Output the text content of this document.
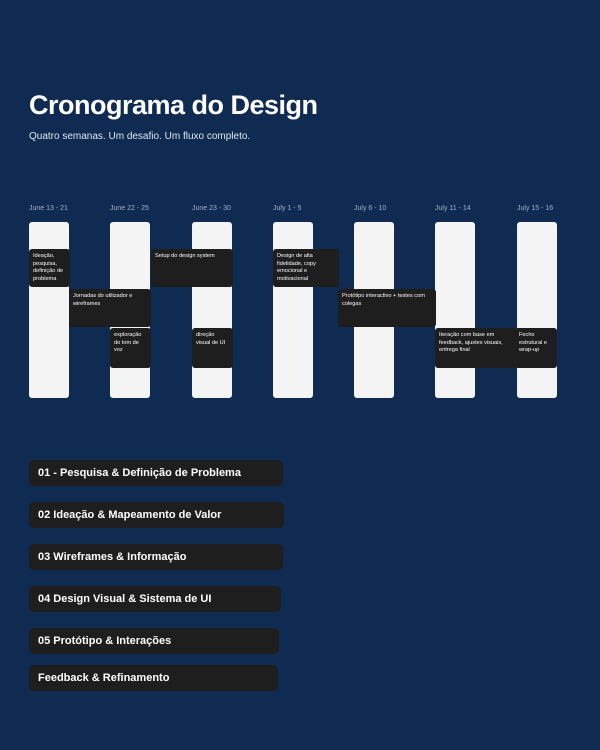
Cronograma do Design

Quatro semanas. Um desafio. Um fluxo completo.

June 13 - 21	June 22 - 25	June 23 - 30	July 1 - 5	July 6 - 10	July 11 - 14	July 15 - 16
Ideação, pesquisa, definição de problema
Jornadas do utilizador e wireframes
exploração do tom de voz
Setup do design system
direção visual de UI
Design de alta fidelidade, copy emocional e motivacional
Protótipo interactivo + testes com colegas
Iteração com base em feedback, ajustes visuais, entrega final
Fecho estrutural e wrap-up
01 - Pesquisa & Definição de Problema
02 Ideação & Mapeamento de Valor
03 Wireframes & Informação
04 Design Visual & Sistema de UI
05 Protótipo & Interações
Feedback & Refinamento
